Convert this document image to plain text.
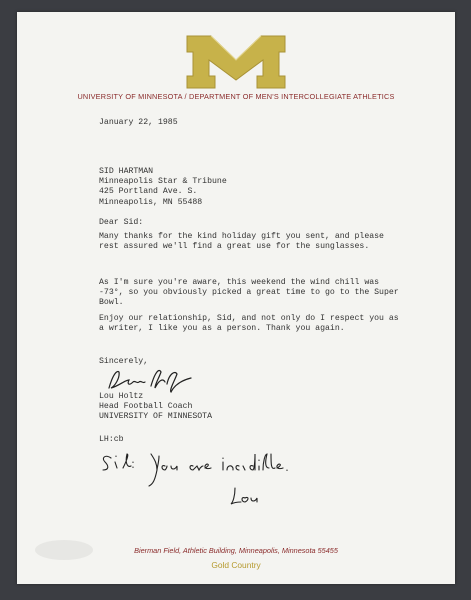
UNIVERSITY OF MINNESOTA / DEPARTMENT OF MEN'S INTERCOLLEGIATE ATHLETICS

January 22, 1985

SID HARTMAN
Minneapolis Star & Tribune
425 Portland Ave. S.
Minneapolis, MN 55488

Dear Sid:

Many thanks for the kind holiday gift you sent, and please rest assured we'll find a great use for the sunglasses.

As I'm sure you're aware, this weekend the wind chill was -73°, so you obviously picked a great time to go to the Super Bowl.

Enjoy our relationship, Sid, and not only do I respect you as a writer, I like you as a person. Thank you again.

Sincerely,

Lou Holtz
Head Football Coach
UNIVERSITY OF MINNESOTA

LH:cb

Bierman Field, Athletic Building, Minneapolis, Minnesota 55455
Gold Country
